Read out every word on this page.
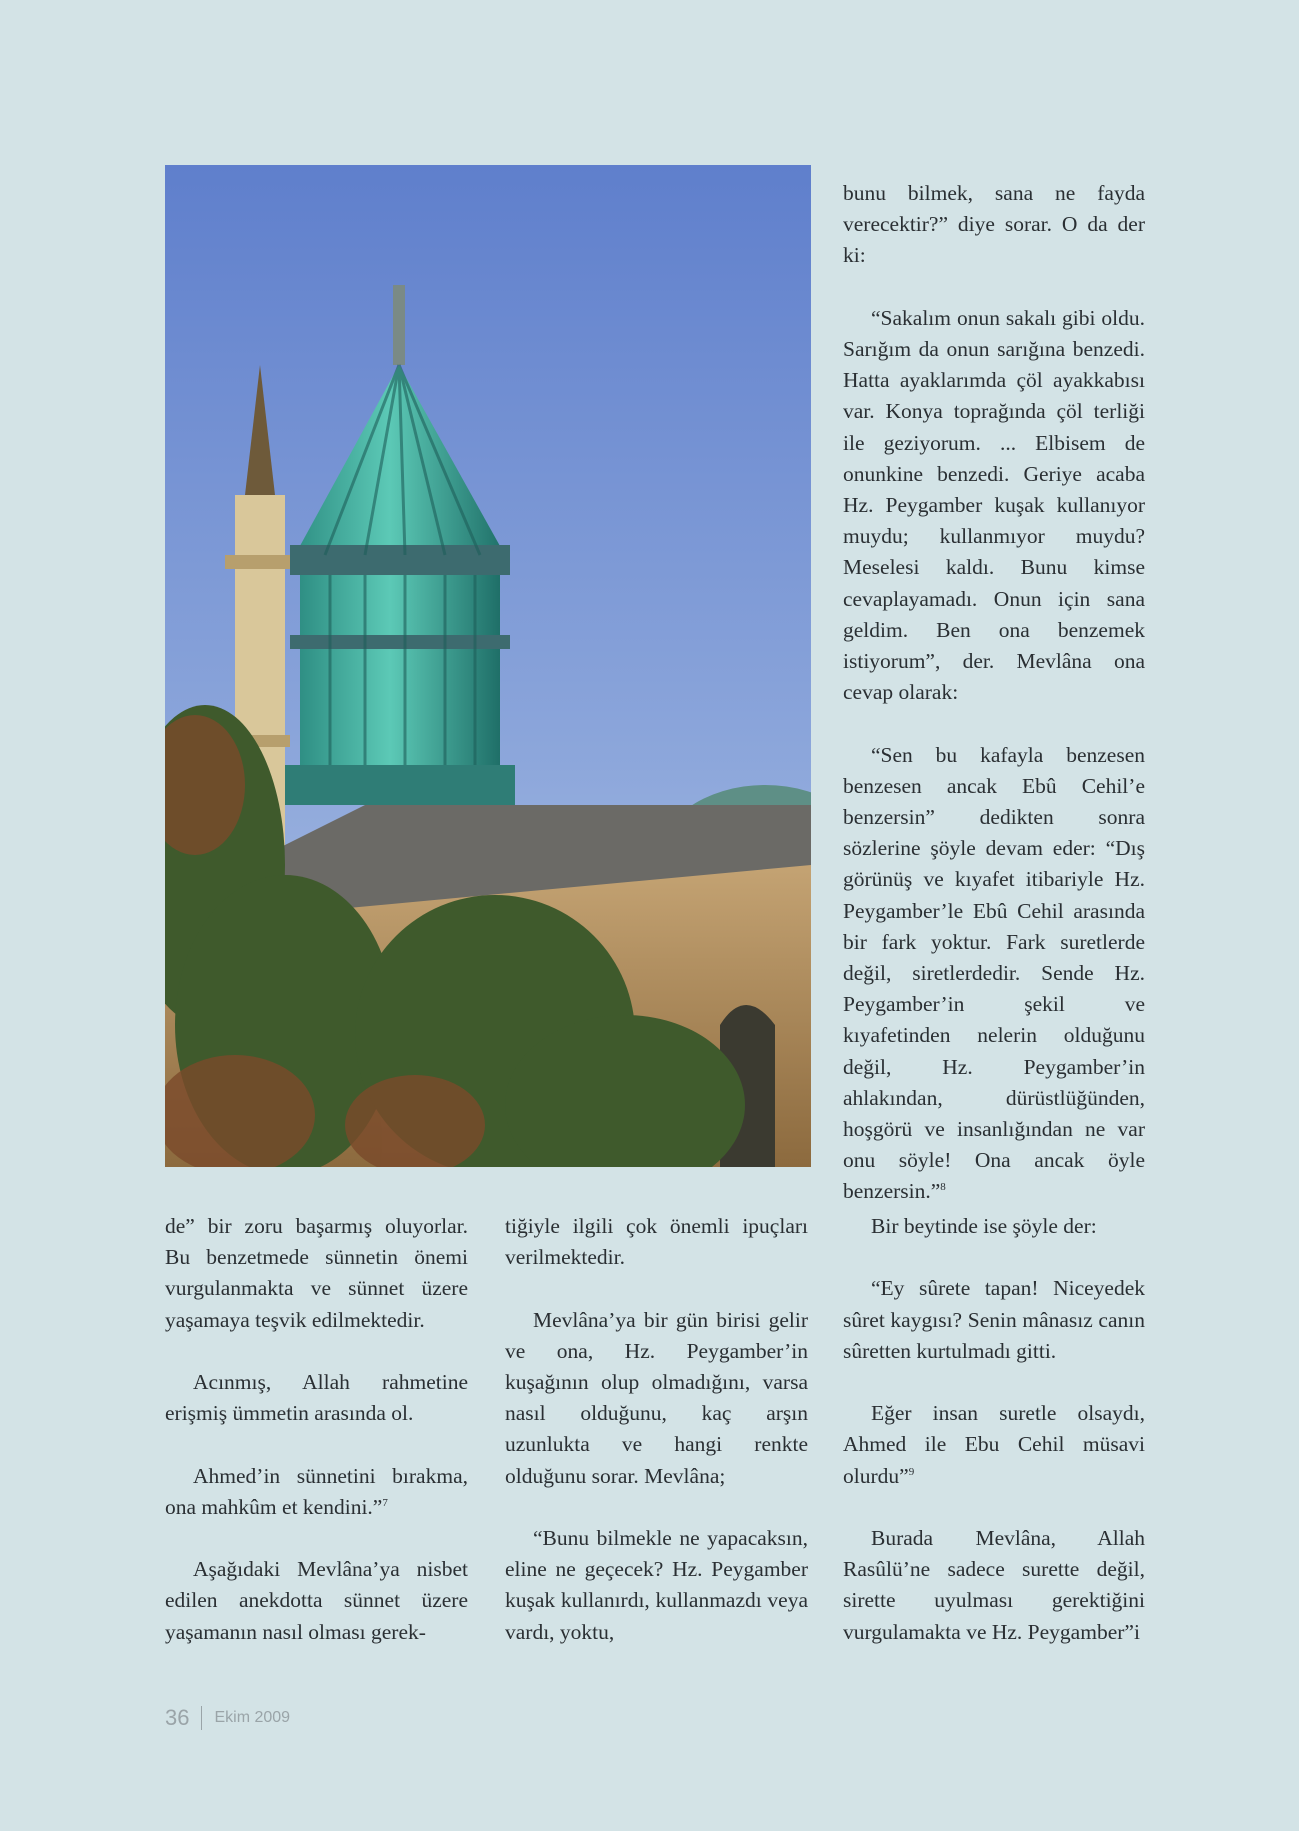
bunu bilmek, sana ne fayda verecektir?” diye sorar. O da der ki:

“Sakalım onun sakalı gibi oldu. Sarığım da onun sarığına benzedi. Hatta ayaklarımda çöl ayakkabısı var. Konya toprağında çöl terliği ile geziyorum. ... Elbisem de onunkine benzedi. Geriye acaba Hz. Peygamber kuşak kullanıyor muydu; kullanmıyor muydu? Meselesi kaldı. Bunu kimse cevaplayamadı. Onun için sana geldim. Ben ona benzemek istiyorum”, der. Mevlâna ona cevap olarak:

“Sen bu kafayla benzesen benzesen ancak Ebû Cehil’e benzersin” dedikten sonra sözlerine şöyle devam eder: “Dış görünüş ve kıyafet itibariyle Hz. Peygamber’le Ebû Cehil arasında bir fark yoktur. Fark suretlerde değil, siretlerdedir. Sende Hz. Peygamber’in şekil ve kıyafetinden nelerin olduğunu değil, Hz. Peygamber’in ahlakından, dürüstlüğünden, hoşgörü ve insanlığından ne var onu söyle! Ona ancak öyle benzersin.”$^8$

de” bir zoru başarmış oluyorlar. Bu benzetmede sünnetin önemi vurgulanmakta ve sünnet üzere yaşamaya teşvik edilmektedir.

Acınmış, Allah rahmetine erişmiş ümmetin arasında ol.

Ahmed’in sünnetini bırakma, ona mahkûm et kendini.”$^7$

Aşağıdaki Mevlâna’ya nisbet edilen anekdotta sünnet üzere yaşamanın nasıl olması gerek-

tiğiyle ilgili çok önemli ipuçları verilmektedir.

Mevlâna’ya bir gün birisi gelir ve ona, Hz. Peygamber’in kuşağının olup olmadığını, varsa nasıl olduğunu, kaç arşın uzunlukta ve hangi renkte olduğunu sorar. Mevlâna;

“Bunu bilmekle ne yapacaksın, eline ne geçecek? Hz. Peygamber kuşak kullanırdı, kullanmazdı veya vardı, yoktu,

Bir beytinde ise şöyle der:

“Ey sûrete tapan! Niceyedek sûret kaygısı? Senin mânasız canın sûretten kurtulmadı gitti.

Eğer insan suretle olsaydı, Ahmed ile Ebu Cehil müsavi olurdu”$^9$

Burada Mevlâna, Allah Rasûlü’ne sadece surette değil, sirette uyulması gerektiğini vurgulamakta ve Hz. Peygamber”i

36 Ekim 2009
